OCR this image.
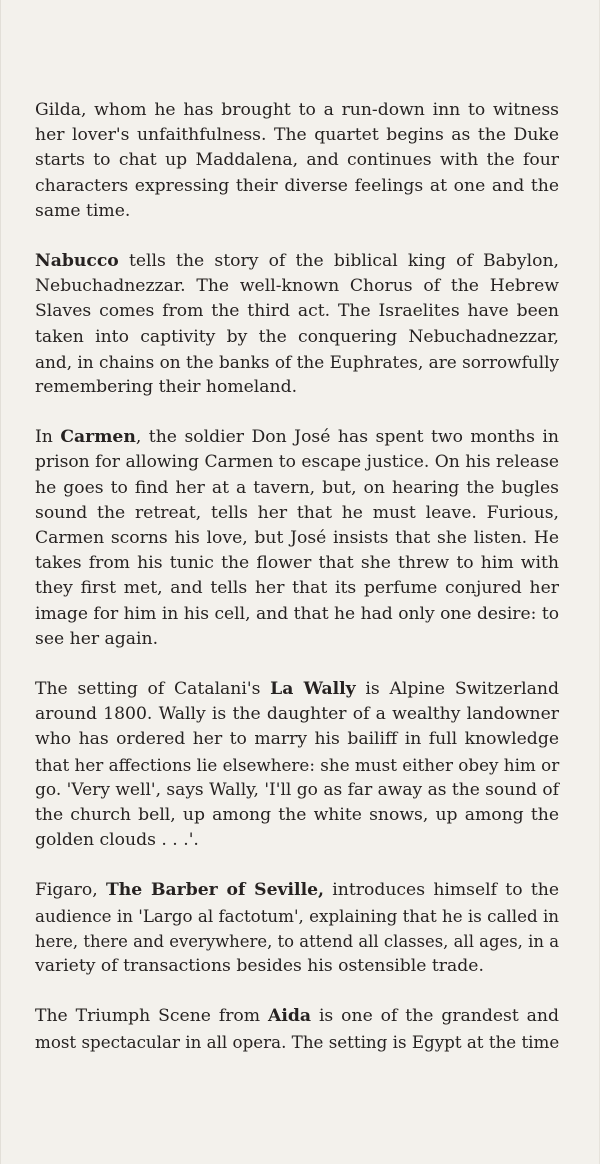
Gilda, whom he has brought to a run-down inn to witness
her lover's unfaithfulness. The quartet begins as the Duke
starts to chat up Maddalena, and continues with the four
characters expressing their diverse feelings at one and the
same time.
Nabucco tells the story of the biblical king of Babylon,
Nebuchadnezzar. The well-known Chorus of the Hebrew
Slaves comes from the third act. The Israelites have been
taken into captivity by the conquering Nebuchadnezzar,
and, in chains on the banks of the Euphrates, are sorrowfully
remembering their homeland.
In Carmen, the soldier Don José has spent two months in
prison for allowing Carmen to escape justice. On his release
he goes to find her at a tavern, but, on hearing the bugles
sound the retreat, tells her that he must leave. Furious,
Carmen scorns his love, but José insists that she listen. He
takes from his tunic the flower that she threw to him with
they first met, and tells her that its perfume conjured her
image for him in his cell, and that he had only one desire: to
see her again.
The setting of Catalani's La Wally is Alpine Switzerland
around 1800. Wally is the daughter of a wealthy landowner
who has ordered her to marry his bailiff in full knowledge
that her affections lie elsewhere: she must either obey him or
go. 'Very well', says Wally, 'I'll go as far away as the sound of
the church bell, up among the white snows, up among the
golden clouds . . .'.
Figaro, The Barber of Seville, introduces himself to the
audience in 'Largo al factotum', explaining that he is called in
here, there and everywhere, to attend all classes, all ages, in a
variety of transactions besides his ostensible trade.
The Triumph Scene from Aida is one of the grandest and
most spectacular in all opera. The setting is Egypt at the time
